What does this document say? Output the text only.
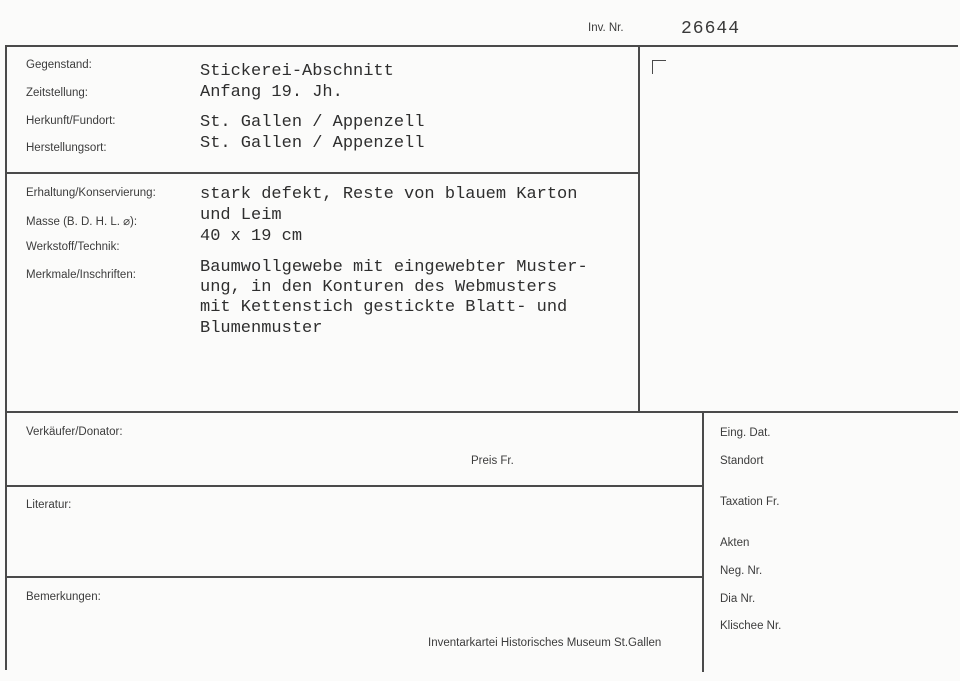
Inv. Nr.	26644
Gegenstand:
Zeitstellung:
Herkunft/Fundort:
Herstellungsort:
Stickerei-Abschnitt
Anfang 19. Jh.
St. Gallen / Appenzell
St. Gallen / Appenzell
Erhaltung/Konservierung:
Masse (B. D. H. L. ⌀):
Werkstoff/Technik:
Merkmale/Inschriften:
stark defekt, Reste von blauem Karton
und Leim
40 x 19 cm
Baumwollgewebe mit eingewebter Muster-
ung, in den Konturen des Webmusters
mit Kettenstich gestickte Blatt- und
Blumenmuster
Verkäufer/Donator:
Preis Fr.
Literatur:
Bemerkungen:
Inventarkartei Historisches Museum St.Gallen
Eing. Dat.
Standort
Taxation Fr.
Akten
Neg. Nr.
Dia Nr.
Klischee Nr.
